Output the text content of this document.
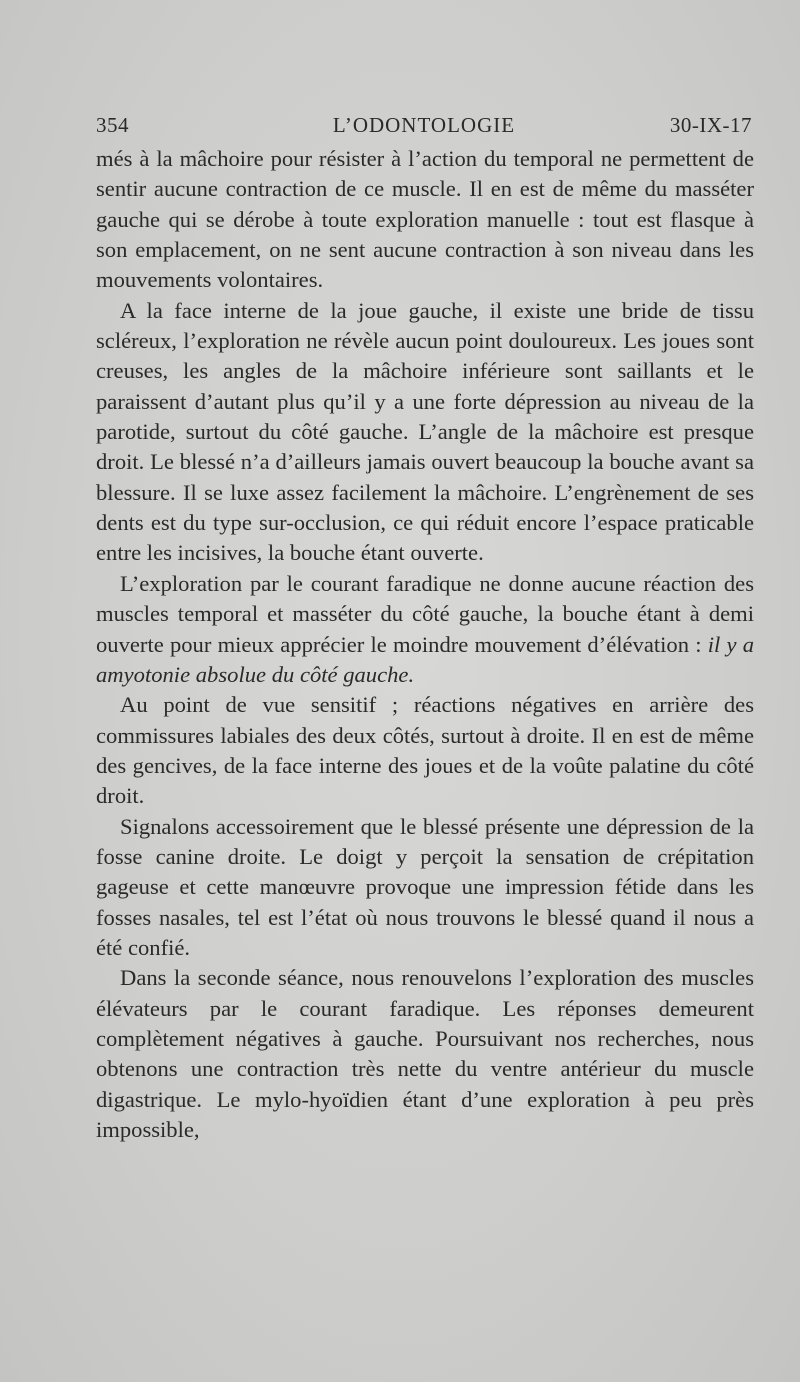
354	L’ODONTOLOGIE	30-IX-17

més à la mâchoire pour résister à l’action du temporal ne permettent de sentir aucune contraction de ce muscle. Il en est de même du masséter gauche qui se dérobe à toute exploration manuelle : tout est flasque à son emplacement, on ne sent aucune contraction à son niveau dans les mouvements volontaires.

A la face interne de la joue gauche, il existe une bride de tissu scléreux, l’exploration ne révèle aucun point douloureux. Les joues sont creuses, les angles de la mâchoire inférieure sont saillants et le paraissent d’autant plus qu’il y a une forte dépression au niveau de la parotide, surtout du côté gauche. L’angle de la mâchoire est presque droit. Le blessé n’a d’ailleurs jamais ouvert beaucoup la bouche avant sa blessure. Il se luxe assez facilement la mâchoire. L’engrènement de ses dents est du type sur-occlusion, ce qui réduit encore l’espace praticable entre les incisives, la bouche étant ouverte.

L’exploration par le courant faradique ne donne aucune réaction des muscles temporal et masséter du côté gauche, la bouche étant à demi ouverte pour mieux apprécier le moindre mouvement d’élévation : il y a amyotonie absolue du côté gauche.

Au point de vue sensitif ; réactions négatives en arrière des commissures labiales des deux côtés, surtout à droite. Il en est de même des gencives, de la face interne des joues et de la voûte palatine du côté droit.

Signalons accessoirement que le blessé présente une dépression de la fosse canine droite. Le doigt y perçoit la sensation de crépitation gageuse et cette manœuvre provoque une impression fétide dans les fosses nasales, tel est l’état où nous trouvons le blessé quand il nous a été confié.

Dans la seconde séance, nous renouvelons l’exploration des muscles élévateurs par le courant faradique. Les réponses demeurent complètement négatives à gauche. Poursuivant nos recherches, nous obtenons une contraction très nette du ventre antérieur du muscle digastrique. Le mylo-hyoïdien étant d’une exploration à peu près impossible,
